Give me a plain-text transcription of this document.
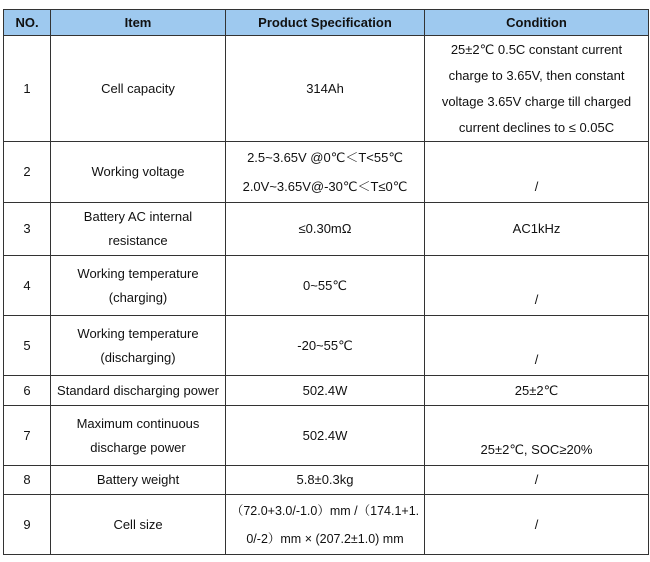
NO.	Item	Product Specification	Condition
1	Cell capacity	314Ah	25±2℃ 0.5C constant current
charge to 3.65V, then constant
voltage 3.65V charge till charged
current declines to ≤ 0.05C

2	Working voltage	2.5~3.65V @0℃＜T<55℃
2.0V~3.65V@-30℃＜T≤0℃	/

3	Battery AC internal
resistance	≤0.30mΩ	AC1kHz

4	Working temperature
(charging)	0~55℃	/

5	Working temperature
(discharging)	-20~55℃	/

6	Standard discharging power	502.4W	25±2℃

7	Maximum continuous
discharge power	502.4W	25±2℃, SOC≥20%

8	Battery weight	5.8±0.3kg	/

9	Cell size	（72.0+3.0/-1.0）mm /（174.1+1.
0/-2）mm × (207.2±1.0) mm	/
